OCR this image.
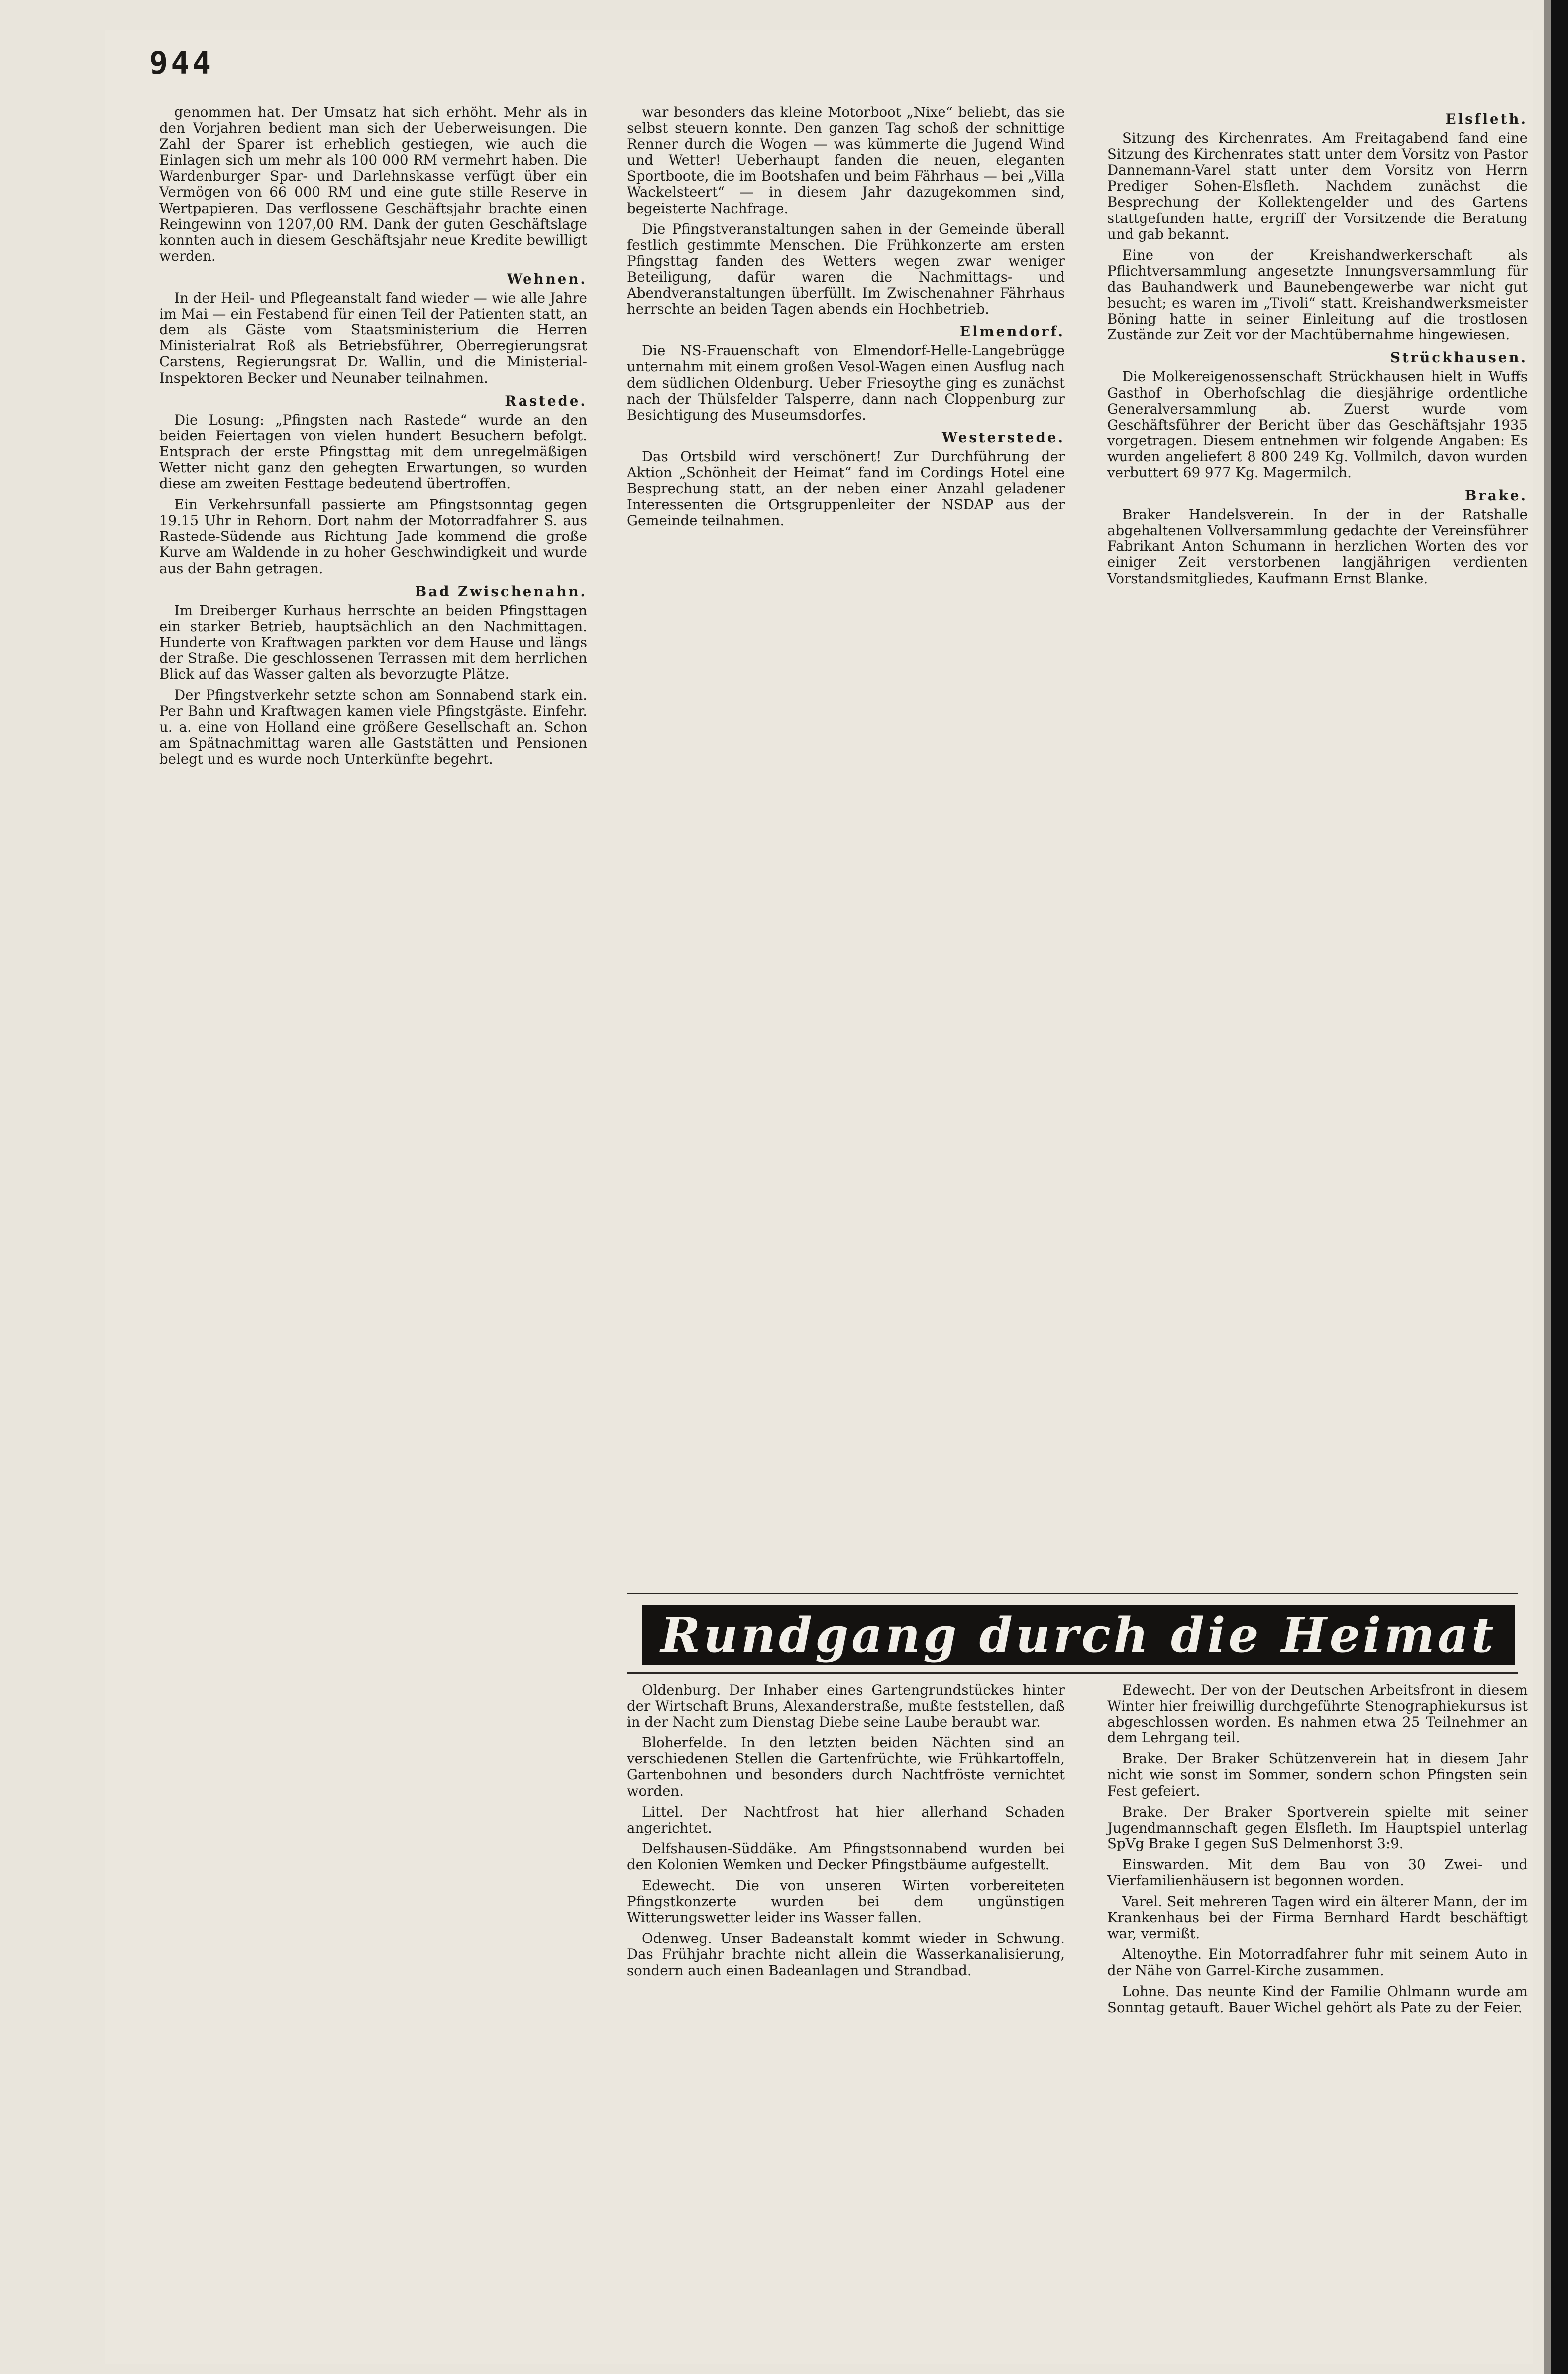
944

genommen hat. Der Umsatz hat sich erhöht. Mehr als in den Vorjahren bedient man sich der Ueberweisungen. Die Zahl der Sparer ist erheblich gestiegen, wie auch die Einlagen sich um mehr als 100 000 RM vermehrt haben. Die Wardenburger Spar- und Darlehnskasse verfügt über ein Vermögen von 66 000 RM und eine gute stille Reserve in Wertpapieren. Das verflossene Geschäftsjahr brachte einen Reingewinn von 1207,00 RM. Dank der guten Geschäftslage konnten auch in diesem Geschäftsjahr neue Kredite bewilligt werden.

Wehnen.

In der Heil- und Pflegeanstalt fand wieder — wie alle Jahre im Mai — ein Festabend für einen Teil der Patienten statt, an dem als Gäste vom Staatsministerium die Herren Ministerialrat Roß als Betriebsführer, Oberregierungsrat Carstens, Regierungsrat Dr. Wallin, und die Ministerial-Inspektoren Becker und Neunaber teilnahmen.

Rastede.

Die Losung: „Pfingsten nach Rastede“ wurde an den beiden Feiertagen von vielen hundert Besuchern befolgt. Entsprach der erste Pfingsttag mit dem unregelmäßigen Wetter nicht ganz den gehegten Erwartungen, so wurden diese am zweiten Festtage bedeutend übertroffen.

Ein Verkehrsunfall passierte am Pfingstsonntag gegen 19.15 Uhr in Rehorn. Dort nahm der Motorradfahrer S. aus Rastede-Südende aus Richtung Jade kommend die große Kurve am Waldende in zu hoher Geschwindigkeit und wurde aus der Bahn getragen.

Bad Zwischenahn.

Im Dreiberger Kurhaus herrschte an beiden Pfingsttagen ein starker Betrieb, hauptsächlich an den Nachmittagen. Hunderte von Kraftwagen parkten vor dem Hause und längs der Straße. Die geschlossenen Terrassen mit dem herrlichen Blick auf das Wasser galten als bevorzugte Plätze.

Der Pfingstverkehr setzte schon am Sonnabend stark ein. Per Bahn und Kraftwagen kamen viele Pfingstgäste. Einfehr. u. a. eine von Holland eine größere Gesellschaft an. Schon am Spätnachmittag waren alle Gaststätten und Pensionen belegt und es wurde noch Unterkünfte begehrt.

war besonders das kleine Motorboot „Nixe“ beliebt, das sie selbst steuern konnte. Den ganzen Tag schoß der schnittige Renner durch die Wogen — was kümmerte die Jugend Wind und Wetter! Ueberhaupt fanden die neuen, eleganten Sportboote, die im Bootshafen und beim Fährhaus — bei „Villa Wackelsteert“ — in diesem Jahr dazugekommen sind, begeisterte Nachfrage.

Die Pfingstveranstaltungen sahen in der Gemeinde überall festlich gestimmte Menschen. Die Frühkonzerte am ersten Pfingsttag fanden des Wetters wegen zwar weniger Beteiligung, dafür waren die Nachmittags- und Abendveranstaltungen überfüllt. Im Zwischenahner Fährhaus herrschte an beiden Tagen abends ein Hochbetrieb.

Elmendorf.

Die NS-Frauenschaft von Elmendorf-Helle-Langebrügge unternahm mit einem großen Vesol-Wagen einen Ausflug nach dem südlichen Oldenburg. Ueber Friesoythe ging es zunächst nach der Thülsfelder Talsperre, dann nach Cloppenburg zur Besichtigung des Museumsdorfes.

Westerstede.

Das Ortsbild wird verschönert! Zur Durchführung der Aktion „Schönheit der Heimat“ fand im Cordings Hotel eine Besprechung statt, an der neben einer Anzahl geladener Interessenten die Ortsgruppenleiter der NSDAP aus der Gemeinde teilnahmen.

Elsfleth.

Sitzung des Kirchenrates. Am Freitagabend fand eine Sitzung des Kirchenrates statt unter dem Vorsitz von Pastor Dannemann-Varel statt unter dem Vorsitz von Herrn Prediger Sohen-Elsfleth. Nachdem zunächst die Besprechung der Kollektengelder und des Gartens stattgefunden hatte, ergriff der Vorsitzende die Beratung und gab bekannt.

Eine von der Kreishandwerkerschaft als Pflichtversammlung angesetzte Innungsversammlung für das Bauhandwerk und Baunebengewerbe war nicht gut besucht; es waren im „Tivoli“ statt. Kreishandwerksmeister Böning hatte in seiner Einleitung auf die trostlosen Zustände zur Zeit vor der Machtübernahme hingewiesen.

Strückhausen.

Die Molkereigenossenschaft Strückhausen hielt in Wuffs Gasthof in Oberhofschlag die diesjährige ordentliche Generalversammlung ab. Zuerst wurde vom Geschäftsführer der Bericht über das Geschäftsjahr 1935 vorgetragen. Diesem entnehmen wir folgende Angaben: Es wurden angeliefert 8 800 249 Kg. Vollmilch, davon wurden verbuttert 69 977 Kg. Magermilch.

Brake.

Braker Handelsverein. In der in der Ratshalle abgehaltenen Vollversammlung gedachte der Vereinsführer Fabrikant Anton Schumann in herzlichen Worten des vor einiger Zeit verstorbenen langjährigen verdienten Vorstandsmitgliedes, Kaufmann Ernst Blanke.

Rundgang durch die Heimat

Oldenburg. Der Inhaber eines Gartengrundstückes hinter der Wirtschaft Bruns, Alexanderstraße, mußte feststellen, daß in der Nacht zum Dienstag Diebe seine Laube beraubt war.

Bloherfelde. In den letzten beiden Nächten sind an verschiedenen Stellen die Gartenfrüchte, wie Frühkartoffeln, Gartenbohnen und besonders durch Nachtfröste vernichtet worden.

Littel. Der Nachtfrost hat hier allerhand Schaden angerichtet.

Delfshausen-Süddäke. Am Pfingstsonnabend wurden bei den Kolonien Wemken und Decker Pfingstbäume aufgestellt.

Edewecht. Die von unseren Wirten vorbereiteten Pfingstkonzerte wurden bei dem ungünstigen Witterungswetter leider ins Wasser fallen.

Odenweg. Unser Badeanstalt kommt wieder in Schwung. Das Frühjahr brachte nicht allein die Wasserkanalisierung, sondern auch einen Badeanlagen und Strandbad.

Edewecht. Der von der Deutschen Arbeitsfront in diesem Winter hier freiwillig durchgeführte Stenographiekursus ist abgeschlossen worden. Es nahmen etwa 25 Teilnehmer an dem Lehrgang teil.

Brake. Der Braker Schützenverein hat in diesem Jahr nicht wie sonst im Sommer, sondern schon Pfingsten sein Fest gefeiert.

Brake. Der Braker Sportverein spielte mit seiner Jugendmannschaft gegen Elsfleth. Im Hauptspiel unterlag SpVg Brake I gegen SuS Delmenhorst 3:9.

Einswarden. Mit dem Bau von 30 Zwei- und Vierfamilienhäusern ist begonnen worden.

Varel. Seit mehreren Tagen wird ein älterer Mann, der im Krankenhaus bei der Firma Bernhard Hardt beschäftigt war, vermißt.

Altenoythe. Ein Motorradfahrer fuhr mit seinem Auto in der Nähe von Garrel-Kirche zusammen.

Lohne. Das neunte Kind der Familie Ohlmann wurde am Sonntag getauft. Bauer Wichel gehört als Pate zu der Feier.
